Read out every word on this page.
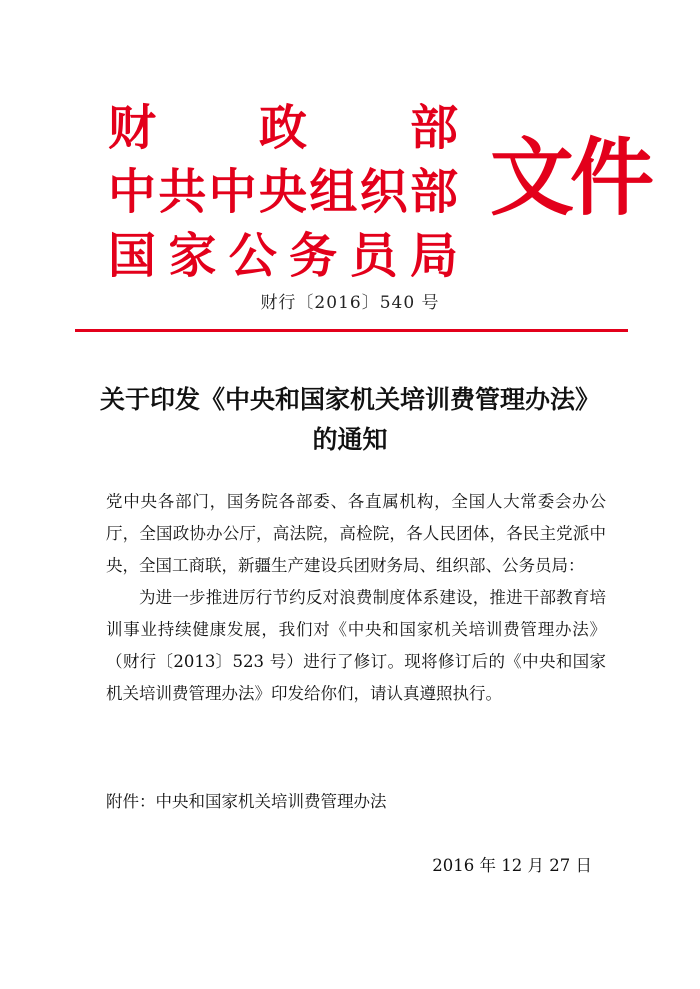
财 政 部
中 共 中 央 组 织 部
国 家 公 务 员 局
文件
财行〔2016〕540 号
关于印发《中央和国家机关培训费管理办法》
的通知

党中央各部门，国务院各部委、各直属机构，全国人大常委会办公厅，全国政协办公厅，高法院，高检院，各人民团体，各民主党派中央，全国工商联，新疆生产建设兵团财务局、组织部、公务员局：

为进一步推进厉行节约反对浪费制度体系建设，推进干部教育培训事业持续健康发展，我们对《中央和国家机关培训费管理办法》（财行〔2013〕523 号）进行了修订。现将修订后的《中央和国家机关培训费管理办法》印发给你们，请认真遵照执行。

附件：中央和国家机关培训费管理办法
2016 年 12 月 27 日
